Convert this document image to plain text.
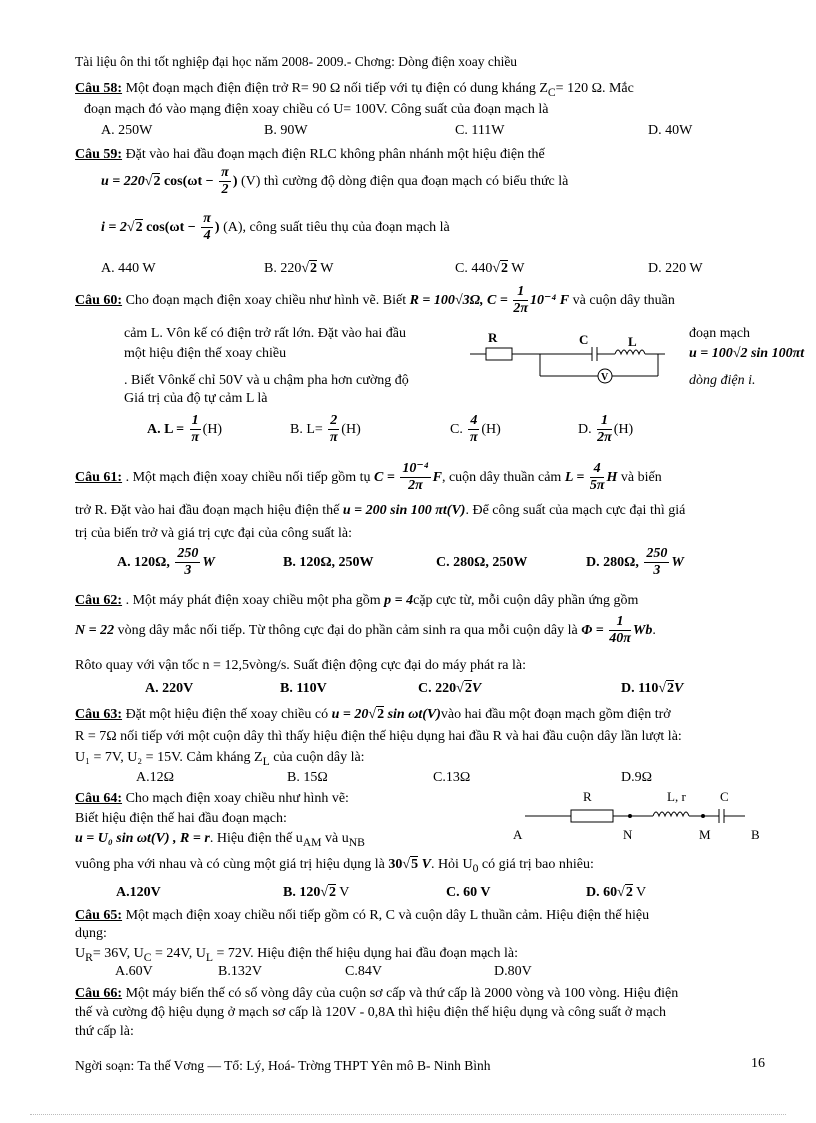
Tài liệu ôn thi tốt nghiệp đại học năm 2008- 2009.- Chơng: Dòng điện xoay chiều
Câu 58: Một đoạn mạch điện điện trở R= 90 Ω nối tiếp với tụ điện có dung kháng $Z_C= 120$ Ω. Mắc
đoạn mạch đó vào mạng điện xoay chiều có U= 100V. Công suất của đoạn mạch là
A. 250W	B. 90W	C. 111W	D. 40W
Câu 59: Đặt vào hai đầu đoạn mạch điện RLC không phân nhánh một hiệu điện thế
u = 220√2 $\cos(\omega t - \frac{\pi}{2}$ ) (V) thì cường độ dòng điện qua đoạn mạch có biểu thức là
i = 2√2 $\cos(\omega t - \frac{\pi}{4}$ ) (A), công suất tiêu thụ của đoạn mạch là
A. 440 W	B. 220√2 W	C. 440√2 W	D. 220 W
Câu 60: Cho đoạn mạch điện xoay chiều như hình vẽ. Biết R = 100√3Ω, $C = \frac{1}{2\pi} 10^{-4}$ F và cuộn dây thuần
cảm L. Vôn kế có điện trở rất lớn. Đặt vào hai đầu	đoạn mạch
một hiệu điện thế xoay chiều	u = 100√2 sin 100πt
. Biết Vônkế chỉ 50V và u chậm pha hơn cường độ	dòng điện i.
Giá trị của độ tự cảm L là
R	C	L
V
A. $L = \frac{1}{\pi} (H)$	B. $L= \frac{2}{\pi} (H)$	C. $\frac{4}{\pi} (H)$	D. $\frac{1}{2\pi} (H)$
Câu 61: . Một mạch điện xoay chiều nối tiếp gồm tụ $C = \frac{\text{10⁻⁴}}{2\pi} F$, cuộn dây thuần cảm $L = \frac{4}{5\pi}$ H và biến
trở R. Đặt vào hai đầu đoạn mạch hiệu điện thế u = 200 sin 100 πt(V). Để công suất của mạch cực đại thì giá
trị của biến trở và giá trị cực đại của công suất là:
A. 120Ω, $\frac{250}{3}$ W	B. 120Ω, 250W	C. 280Ω, 250W	D. 280Ω, $\frac{250}{3}$ W
Câu 62: . Một máy phát điện xoay chiều một pha gồm p = 4cặp cực từ, mỗi cuộn dây phần ứng gồm
N = 22 vòng dây mắc nối tiếp. Từ thông cực đại do phần cảm sinh ra qua mỗi cuộn dây là $\Phi = \frac{1}{40\pi} Wb$.
Rôto quay với vận tốc n = 12,5vòng/s. Suất điện động cực đại do máy phát ra là:
A. 220V	B. 110V	C. 220√2V	D. 110√2V
Câu 63: Đặt một hiệu điện thế xoay chiều có u = 20√2 sin ωt(V)vào hai đầu một đoạn mạch gồm điện trở
R = 7Ω nối tiếp với một cuộn dây thì thấy hiệu điện thế hiệu dụng hai đầu R và hai đầu cuộn dây lần lượt là:
U₁ = 7V, U₂ = 15V. Cảm kháng $Z_L$ của cuộn dây là:
A.12Ω	B. 15Ω	C.13Ω	D.9Ω
Câu 64: Cho mạch điện xoay chiều như hình vẽ:
Biết hiệu điện thế hai đầu đoạn mạch:
u = U₀ sin ωt(V) , R = r. Hiệu điện thế $u_{AM}$ và $u_{NB}$
R	L, r	C
A	N	M	B
vuông pha với nhau và có cùng một giá trị hiệu dụng là 30√5 V. Hỏi $U_0$ có giá trị bao nhiêu:
A.120V	B. 120√2 V	C. 60 V	D. 60√2 V
Câu 65: Một mạch điện xoay chiều nối tiếp gồm có R, C và cuộn dây L thuần cảm. Hiệu điện thế hiệu
dụng:
$U_R= 36V$, $U_C = 24V$, $U_L = 72V$. Hiệu điện thế hiệu dụng hai đầu đoạn mạch là:
A.60V	B.132V	C.84V	D.80V
Câu 66: Một máy biến thế có số vòng dây của cuộn sơ cấp và thứ cấp là 2000 vòng và 100 vòng. Hiệu điện
thế và cường độ hiệu dụng ở mạch sơ cấp là 120V - 0,8A thì hiệu điện thế hiệu dụng và công suất ở mạch
thứ cấp là:
Ngời soạn: Ta thế Vơng — Tổ: Lý, Hoá- Trờng THPT Yên mô B- Ninh Bình	16
